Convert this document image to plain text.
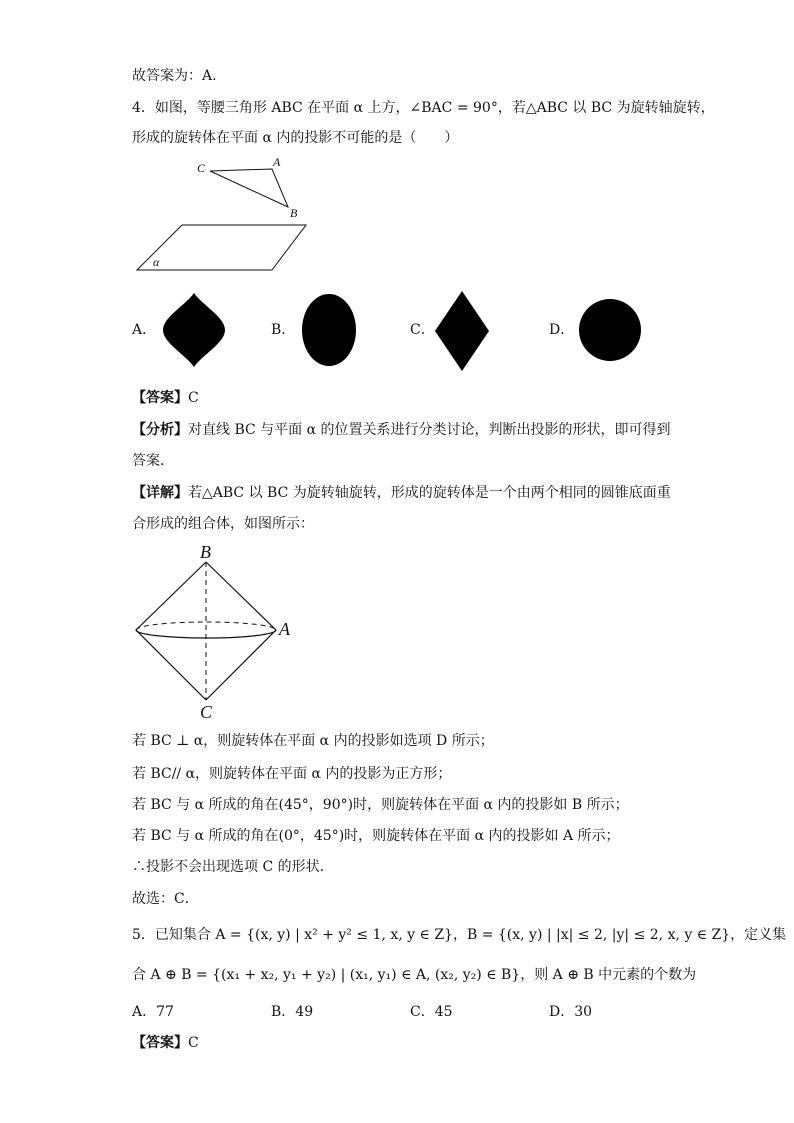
故答案为：A.
4．如图，等腰三角形 ABC 在平面 α 上方，∠BAC = 90°，若△ABC 以 BC 为旋转轴旋转，
形成的旋转体在平面 α 内的投影不可能的是（　　）
C	A
B
α
A．	B．	C．	D．
【答案】C
【分析】对直线 BC 与平面 α 的位置关系进行分类讨论，判断出投影的形状，即可得到
答案．
【详解】若△ABC 以 BC 为旋转轴旋转，形成的旋转体是一个由两个相同的圆锥底面重
合形成的组合体，如图所示：
B
A
C
若 BC ⊥ α，则旋转体在平面 α 内的投影如选项 D 所示；
若 BC// α，则旋转体在平面 α 内的投影为正方形；
若 BC 与 α 所成的角在(45°，90°)时，则旋转体在平面 α 内的投影如 B 所示；
若 BC 与 α 所成的角在(0°，45°)时，则旋转体在平面 α 内的投影如 A 所示；
∴投影不会出现选项 C 的形状．
故选：C．
5．已知集合 A = {(x, y) | x² + y² ≤ 1, x, y ∈ Z}，B = {(x, y) | |x| ≤ 2, |y| ≤ 2, x, y ∈ Z}，定义集
合 A ⊕ B = {(x₁ + x₂, y₁ + y₂) | (x₁, y₁) ∈ A, (x₂, y₂) ∈ B}，则 A ⊕ B 中元素的个数为
A．77	B．49	C．45	D．30
【答案】C
